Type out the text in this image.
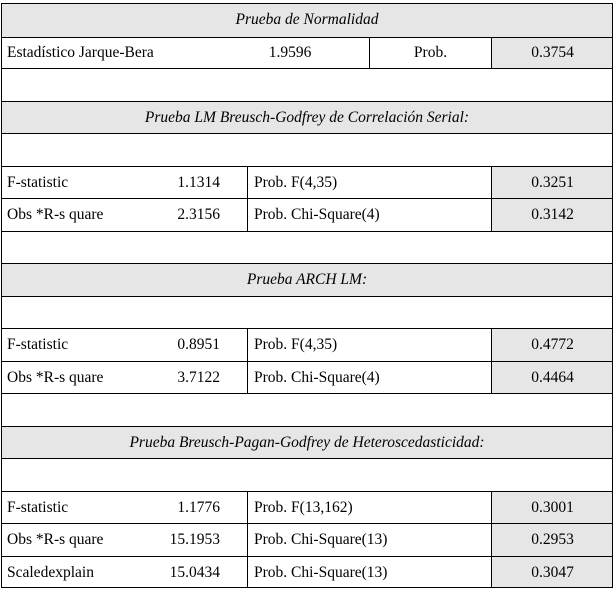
Prueba de Normalidad
Estadístico Jarque-Bera	1.9596	Prob.	0.3754
Prueba LM Breusch-Godfrey de Correlación Serial:
F-statistic	1.1314	Prob. F(4,35)	0.3251
Obs *R-s quare	2.3156	Prob. Chi-Square(4)	0.3142
Prueba ARCH LM:
F-statistic	0.8951	Prob. F(4,35)	0.4772
Obs *R-s quare	3.7122	Prob. Chi-Square(4)	0.4464
Prueba Breusch-Pagan-Godfrey de Heteroscedasticidad:
F-statistic	1.1776	Prob. F(13,162)	0.3001
Obs *R-s quare	15.1953	Prob. Chi-Square(13)	0.2953
Scaledexplain	15.0434	Prob. Chi-Square(13)	0.3047
